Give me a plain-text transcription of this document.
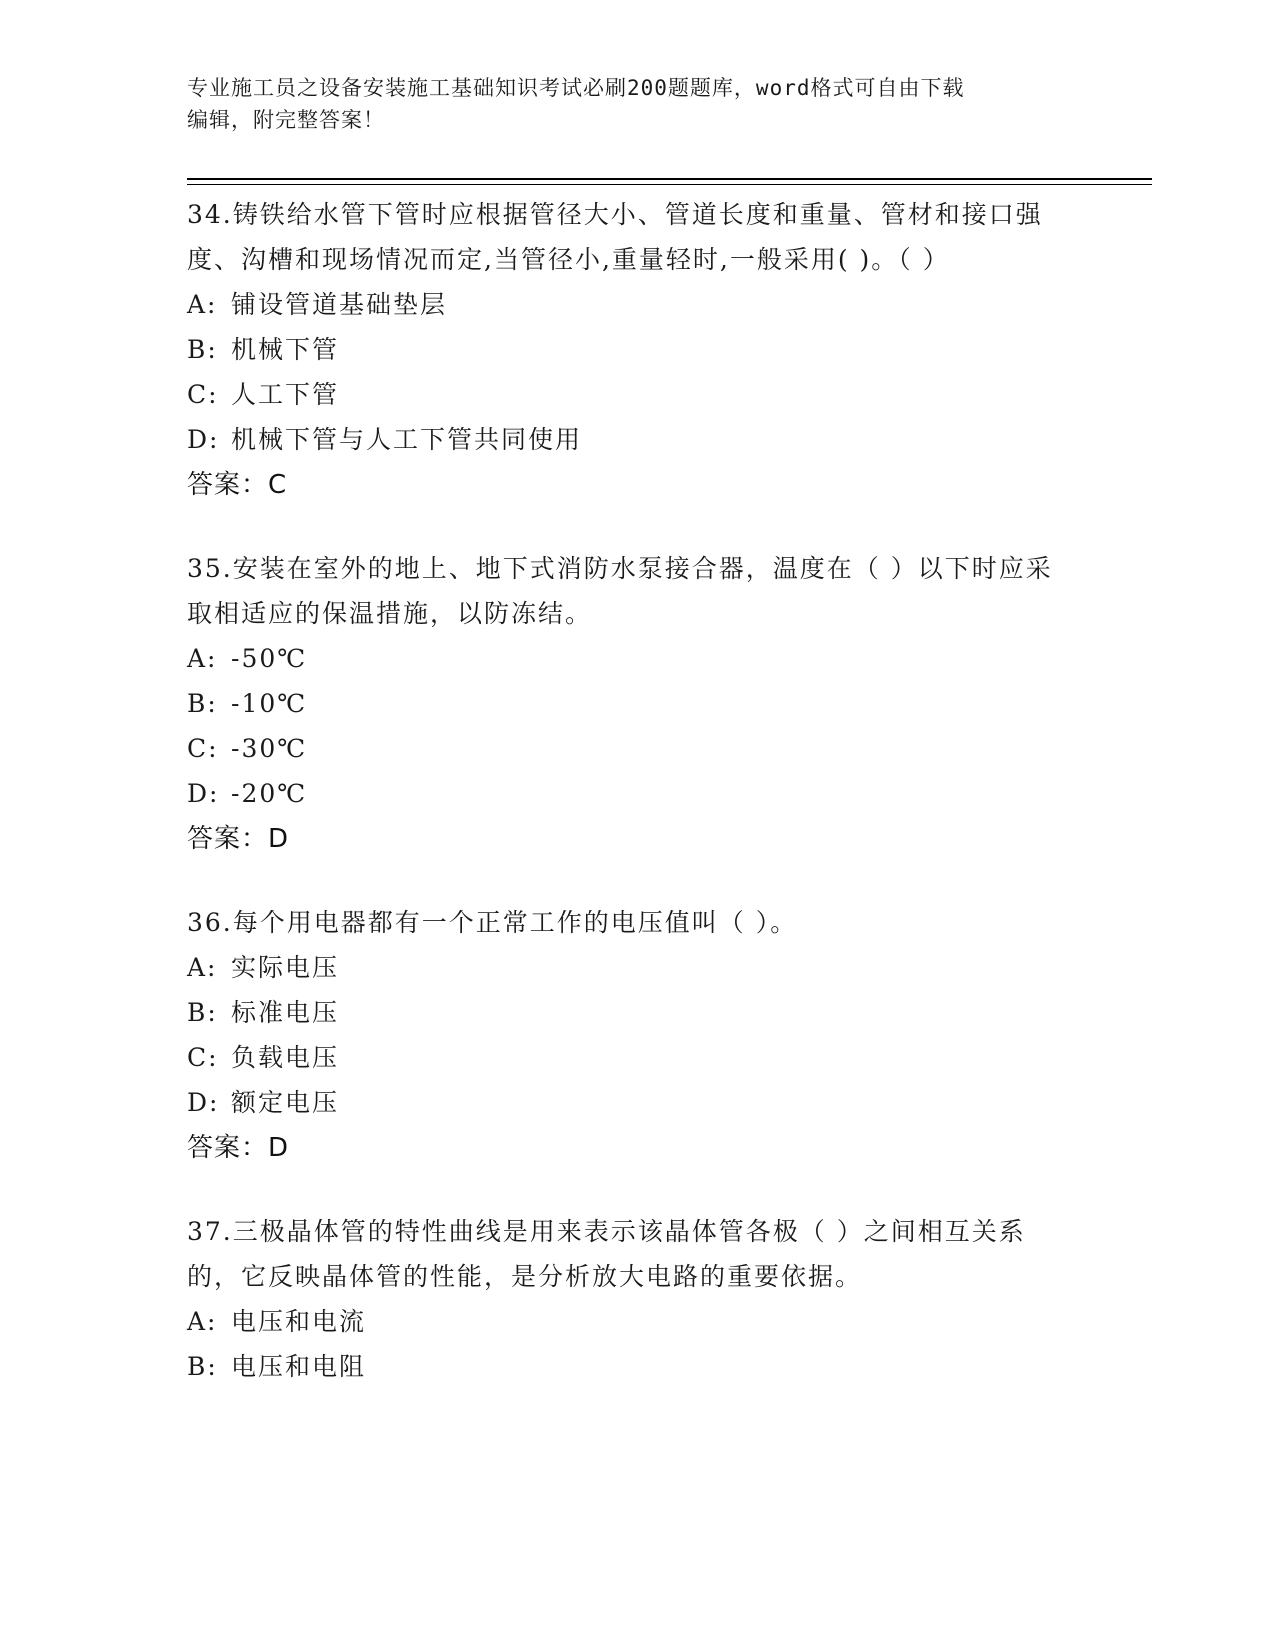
专业施工员之设备安装施工基础知识考试必刷200题题库，word格式可自由下载
编辑，附完整答案！
34.铸铁给水管下管时应根据管径大小、管道长度和重量、管材和接口强度、沟槽和现场情况而定,当管径小,重量轻时,一般采用( )。（ ）
A: 铺设管道基础垫层
B: 机械下管
C: 人工下管
D: 机械下管与人工下管共同使用
答案：C
35.安装在室外的地上、地下式消防水泵接合器，温度在（ ）以下时应采取相适应的保温措施，以防冻结。
A: -50℃
B: -10℃
C: -30℃
D: -20℃
答案：D
36.每个用电器都有一个正常工作的电压值叫（ ）。
A: 实际电压
B: 标准电压
C: 负载电压
D: 额定电压
答案：D
37.三极晶体管的特性曲线是用来表示该晶体管各极（ ）之间相互关系的，它反映晶体管的性能，是分析放大电路的重要依据。
A: 电压和电流
B: 电压和电阻
